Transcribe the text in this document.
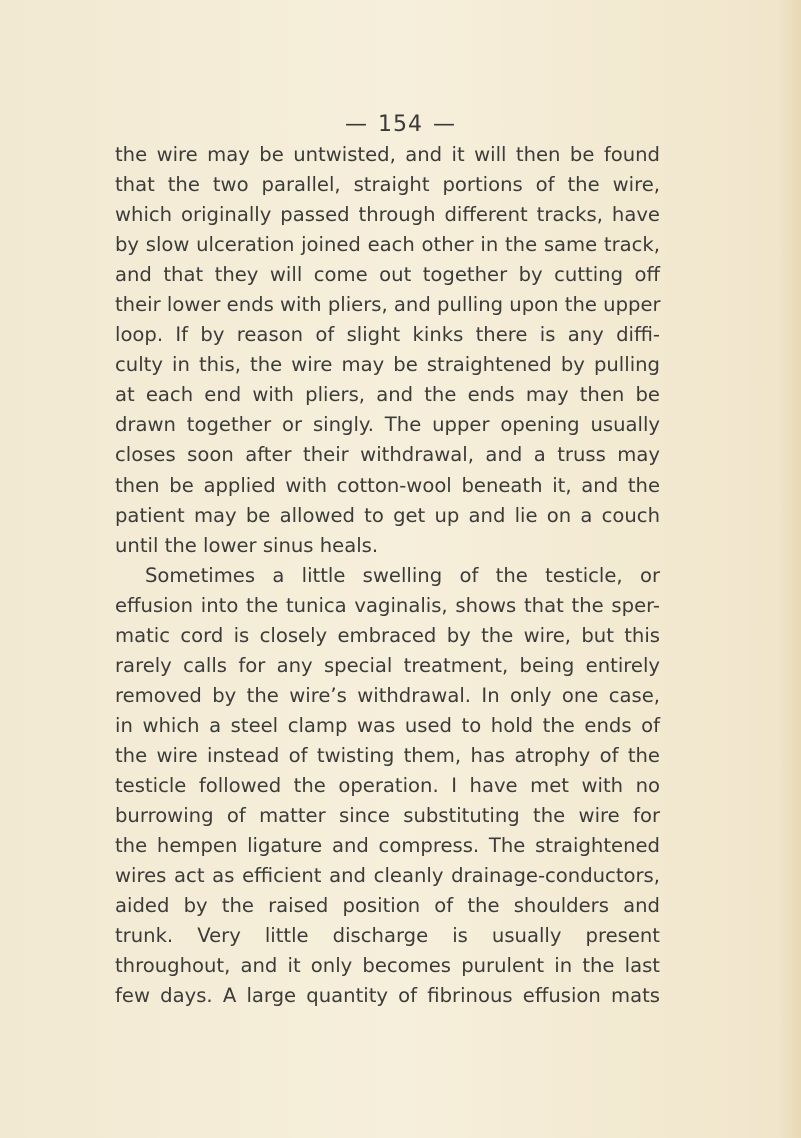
— 154 —
the wire may be untwisted, and it will then be found
that the two parallel, straight portions of the wire,
which originally passed through different tracks, have
by slow ulceration joined each other in the same track,
and that they will come out together by cutting off
their lower ends with pliers, and pulling upon the upper
loop. If by reason of slight kinks there is any diffi-
culty in this, the wire may be straightened by pulling
at each end with pliers, and the ends may then be
drawn together or singly. The upper opening usually
closes soon after their withdrawal, and a truss may
then be applied with cotton-wool beneath it, and the
patient may be allowed to get up and lie on a couch
until the lower sinus heals.
Sometimes a little swelling of the testicle, or
effusion into the tunica vaginalis, shows that the sper-
matic cord is closely embraced by the wire, but this
rarely calls for any special treatment, being entirely
removed by the wire’s withdrawal. In only one case,
in which a steel clamp was used to hold the ends of
the wire instead of twisting them, has atrophy of the
testicle followed the operation. I have met with no
burrowing of matter since substituting the wire for
the hempen ligature and compress. The straightened
wires act as efficient and cleanly drainage-conductors,
aided by the raised position of the shoulders and
trunk. Very little discharge is usually present
throughout, and it only becomes purulent in the last
few days. A large quantity of fibrinous effusion mats
